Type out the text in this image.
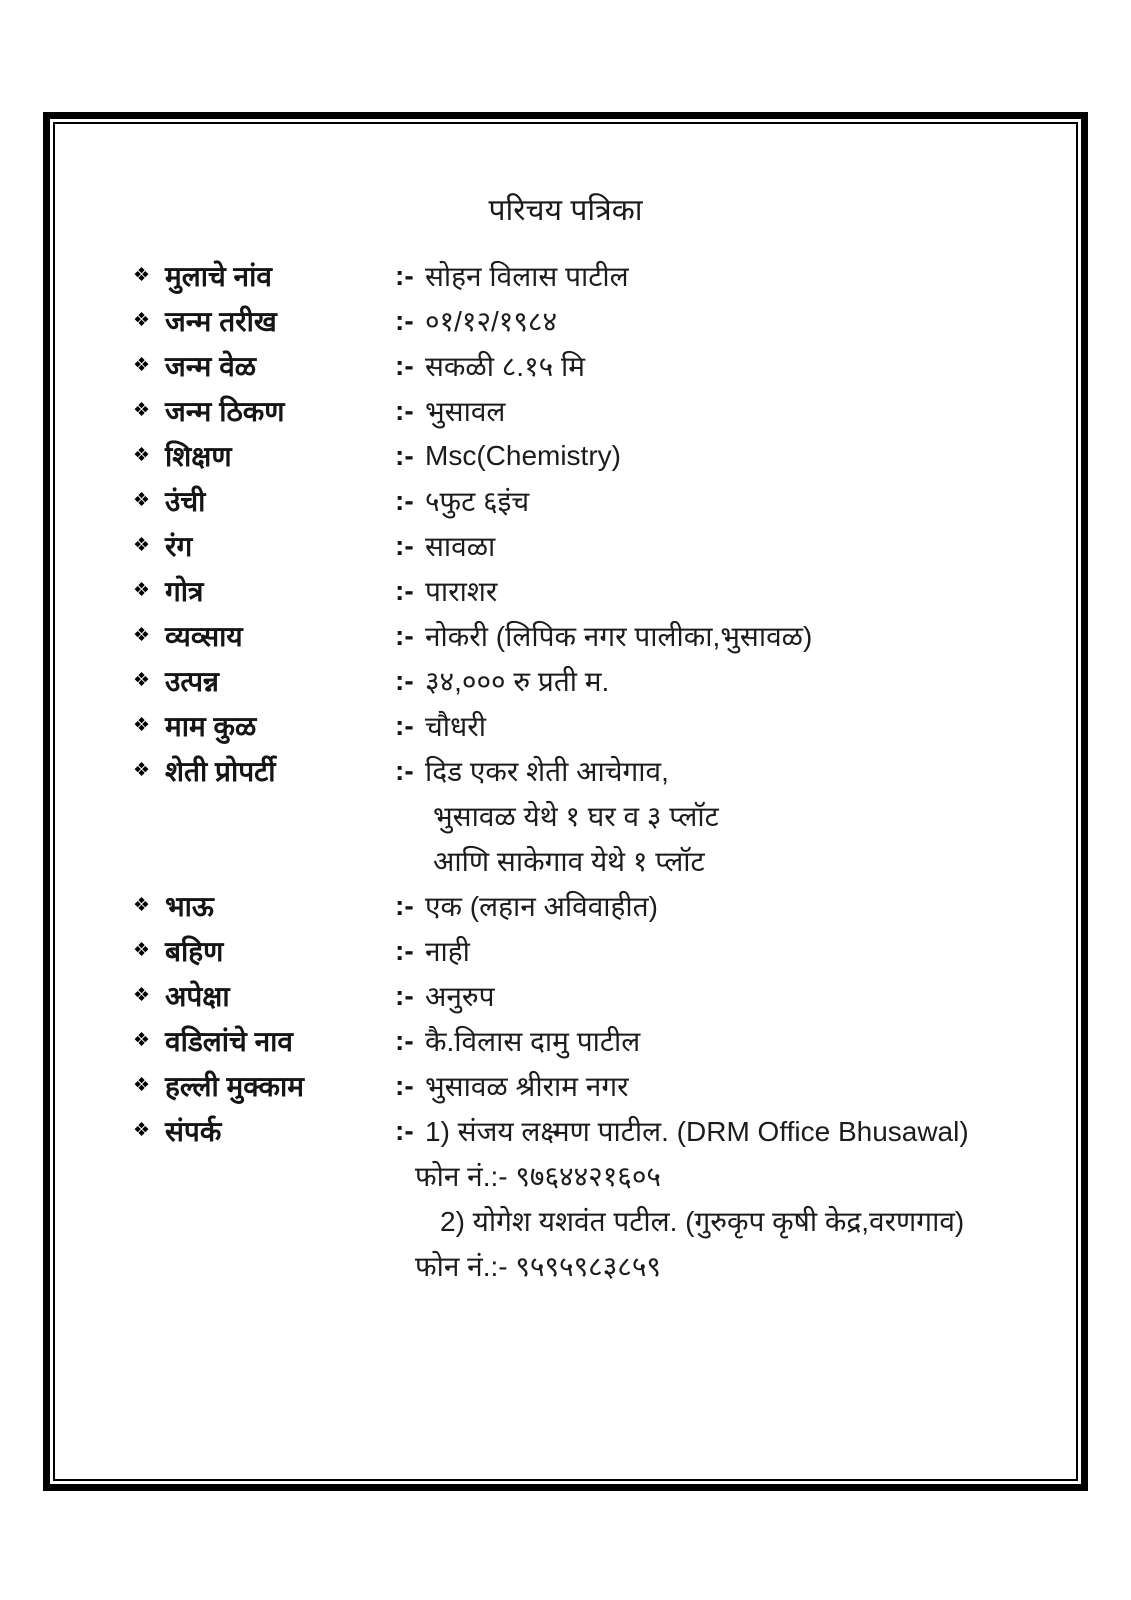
परिचय पत्रिका
❖ मुलाचे नांव	:- सोहन विलास पाटील
❖ जन्म तरीख	:- ०१/१२/१९८४
❖ जन्म वेळ	:- सकळी ८.१५ मि
❖ जन्म ठिकण	:- भुसावल
❖ शिक्षण	:- Msc(Chemistry)
❖ उंची	:- ५फुट ६इंच
❖ रंग	:- सावळा
❖ गोत्र	:- पाराशर
❖ व्यव्साय	:- नोकरी (लिपिक नगर पालीका,भुसावळ)
❖ उत्पन्न	:- ३४,००० रु प्रती म.
❖ माम कुळ	:- चौधरी
❖ शेती प्रोपर्टी	:- दिड एकर शेती आचेगाव,
भुसावळ येथे १ घर व ३ प्लॉट
आणि साकेगाव येथे १ प्लॉट
❖ भाऊ	:- एक (लहान अविवाहीत)
❖ बहिण	:- नाही
❖ अपेक्षा	:- अनुरुप
❖ वडिलांचे नाव	:- कै.विलास दामु पाटील
❖ हल्ली मुक्काम	:- भुसावळ श्रीराम नगर
❖ संपर्क	:- 1) संजय लक्ष्मण पाटील. (DRM Office Bhusawal)
फोन नं.:- ९७६४४२१६०५
2) योगेश यशवंत पटील. (गुरुकृप कृषी केद्र,वरणगाव)
फोन नं.:- ९५९५९८३८५९
